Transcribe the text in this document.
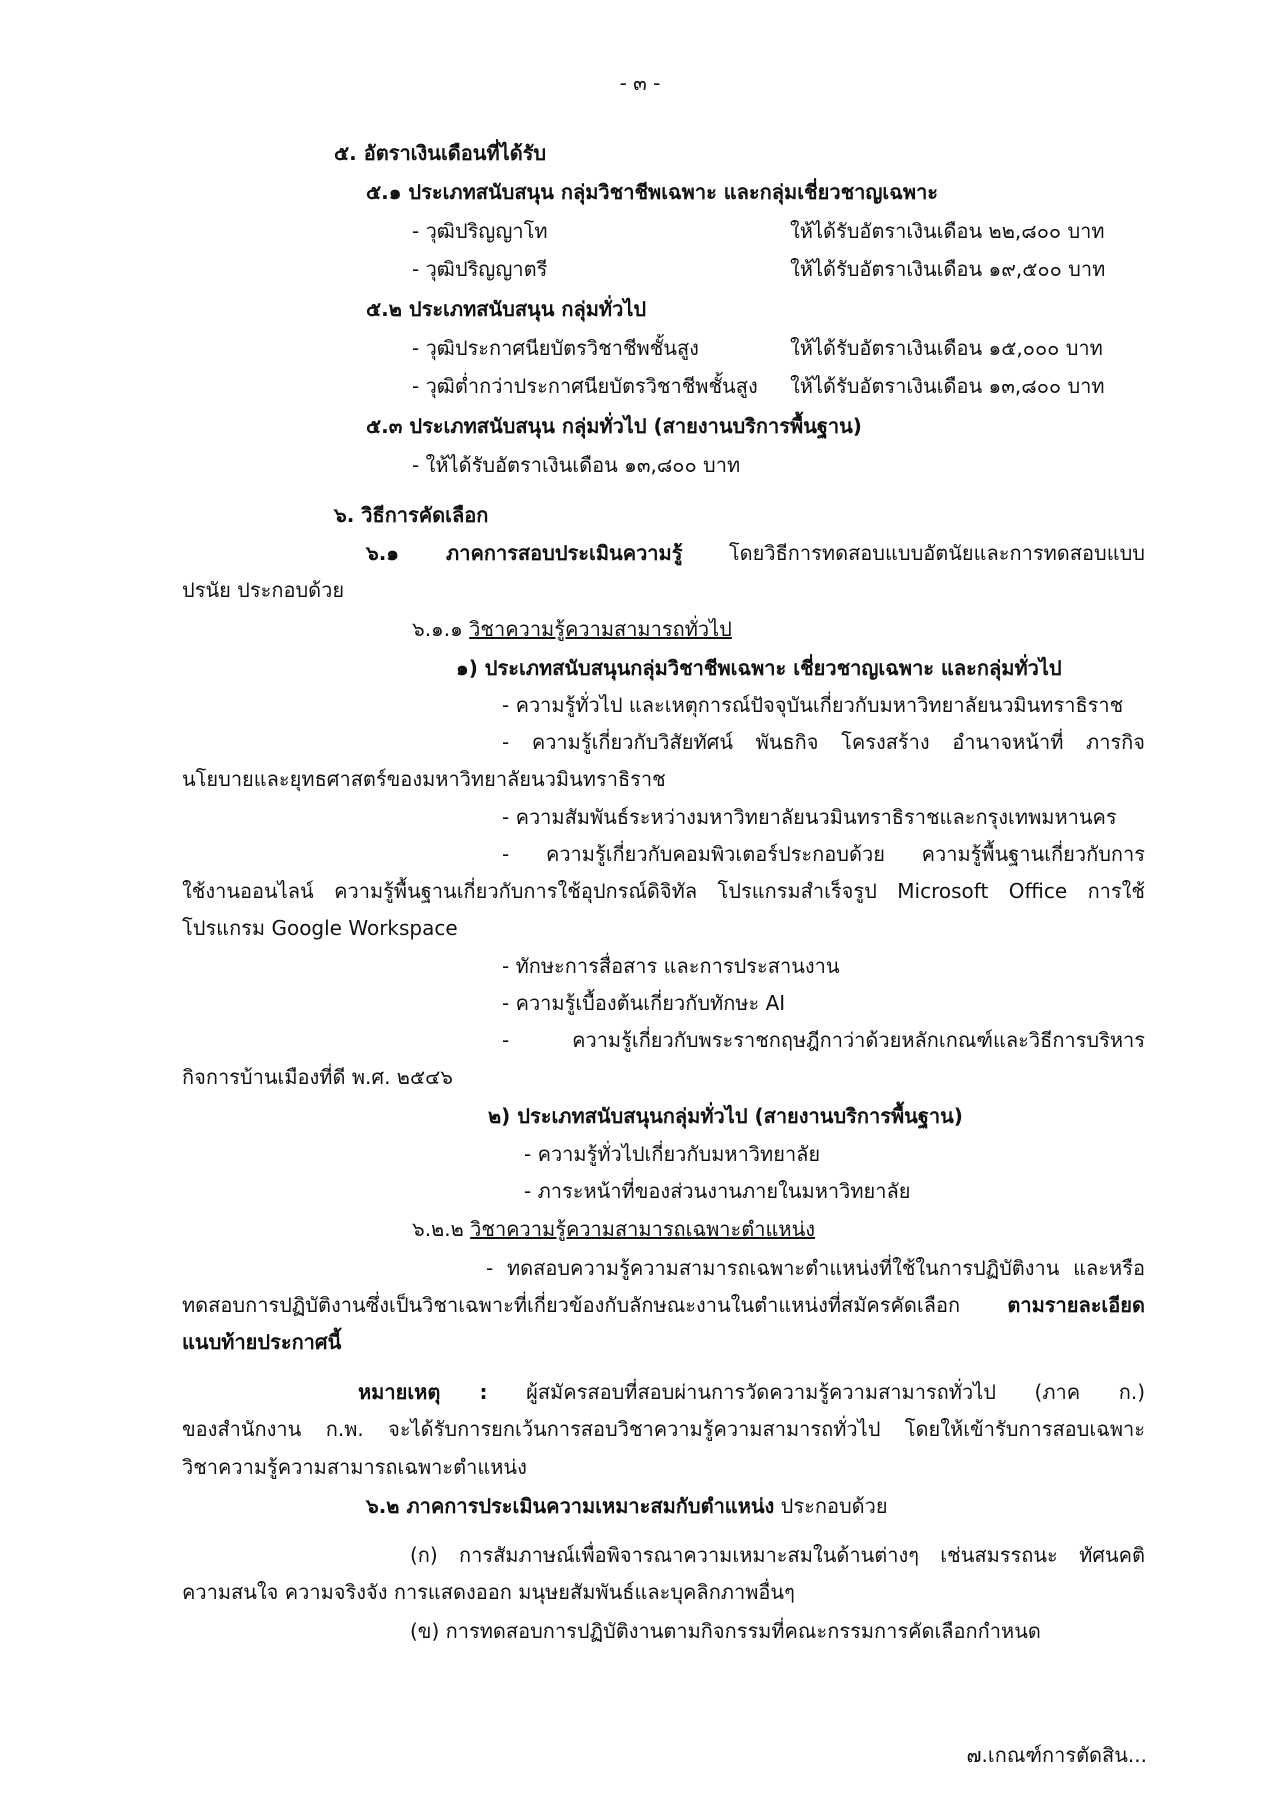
- ๓ -
๕. อัตราเงินเดือนที่ได้รับ
๕.๑ ประเภทสนับสนุน กลุ่มวิชาชีพเฉพาะ และกลุ่มเชี่ยวชาญเฉพาะ
- วุฒิปริญญาโท	ให้ได้รับอัตราเงินเดือน ๒๒,๘๐๐ บาท
- วุฒิปริญญาตรี	ให้ได้รับอัตราเงินเดือน ๑๙,๕๐๐ บาท
๕.๒ ประเภทสนับสนุน กลุ่มทั่วไป
- วุฒิประกาศนียบัตรวิชาชีพชั้นสูง	ให้ได้รับอัตราเงินเดือน ๑๕,๐๐๐ บาท
- วุฒิต่ำกว่าประกาศนียบัตรวิชาชีพชั้นสูง ให้ได้รับอัตราเงินเดือน ๑๓,๘๐๐ บาท
๕.๓ ประเภทสนับสนุน กลุ่มทั่วไป (สายงานบริการพื้นฐาน)
- ให้ได้รับอัตราเงินเดือน ๑๓,๘๐๐ บาท
๖. วิธีการคัดเลือก
๖.๑ ภาคการสอบประเมินความรู้ โดยวิธีการทดสอบแบบอัตนัยและการทดสอบแบบ
ปรนัย ประกอบด้วย
๖.๑.๑ วิชาความรู้ความสามารถทั่วไป
๑) ประเภทสนับสนุนกลุ่มวิชาชีพเฉพาะ เชี่ยวชาญเฉพาะ และกลุ่มทั่วไป
- ความรู้ทั่วไป และเหตุการณ์ปัจจุบันเกี่ยวกับมหาวิทยาลัยนวมินทราธิราช
- ความรู้เกี่ยวกับวิสัยทัศน์ พันธกิจ โครงสร้าง อำนาจหน้าที่ ภารกิจ
นโยบายและยุทธศาสตร์ของมหาวิทยาลัยนวมินทราธิราช
- ความสัมพันธ์ระหว่างมหาวิทยาลัยนวมินทราธิราชและกรุงเทพมหานคร
- ความรู้เกี่ยวกับคอมพิวเตอร์ประกอบด้วย ความรู้พื้นฐานเกี่ยวกับการ
ใช้งานออนไลน์ ความรู้พื้นฐานเกี่ยวกับการใช้อุปกรณ์ดิจิทัล โปรแกรมสำเร็จรูป Microsoft Office การใช้
โปรแกรม Google Workspace
- ทักษะการสื่อสาร และการประสานงาน
- ความรู้เบื้องต้นเกี่ยวกับทักษะ AI
- ความรู้เกี่ยวกับพระราชกฤษฎีกาว่าด้วยหลักเกณฑ์และวิธีการบริหาร
กิจการบ้านเมืองที่ดี พ.ศ. ๒๕๔๖
๒) ประเภทสนับสนุนกลุ่มทั่วไป (สายงานบริการพื้นฐาน)
- ความรู้ทั่วไปเกี่ยวกับมหาวิทยาลัย
- ภาระหน้าที่ของส่วนงานภายในมหาวิทยาลัย
๖.๒.๒ วิชาความรู้ความสามารถเฉพาะตำแหน่ง
- ทดสอบความรู้ความสามารถเฉพาะตำแหน่งที่ใช้ในการปฏิบัติงาน และหรือ
ทดสอบการปฏิบัติงานซึ่งเป็นวิชาเฉพาะที่เกี่ยวข้องกับลักษณะงานในตำแหน่งที่สมัครคัดเลือก ตามรายละเอียด
แนบท้ายประกาศนี้
หมายเหตุ : ผู้สมัครสอบที่สอบผ่านการวัดความรู้ความสามารถทั่วไป (ภาค ก.)
ของสำนักงาน ก.พ. จะได้รับการยกเว้นการสอบวิชาความรู้ความสามารถทั่วไป โดยให้เข้ารับการสอบเฉพาะ
วิชาความรู้ความสามารถเฉพาะตำแหน่ง
๖.๒ ภาคการประเมินความเหมาะสมกับตำแหน่ง ประกอบด้วย
(ก) การสัมภาษณ์เพื่อพิจารณาความเหมาะสมในด้านต่างๆ เช่นสมรรถนะ ทัศนคติ
ความสนใจ ความจริงจัง การแสดงออก มนุษยสัมพันธ์และบุคลิกภาพอื่นๆ
(ข) การทดสอบการปฏิบัติงานตามกิจกรรมที่คณะกรรมการคัดเลือกกำหนด
๗.เกณฑ์การตัดสิน...
